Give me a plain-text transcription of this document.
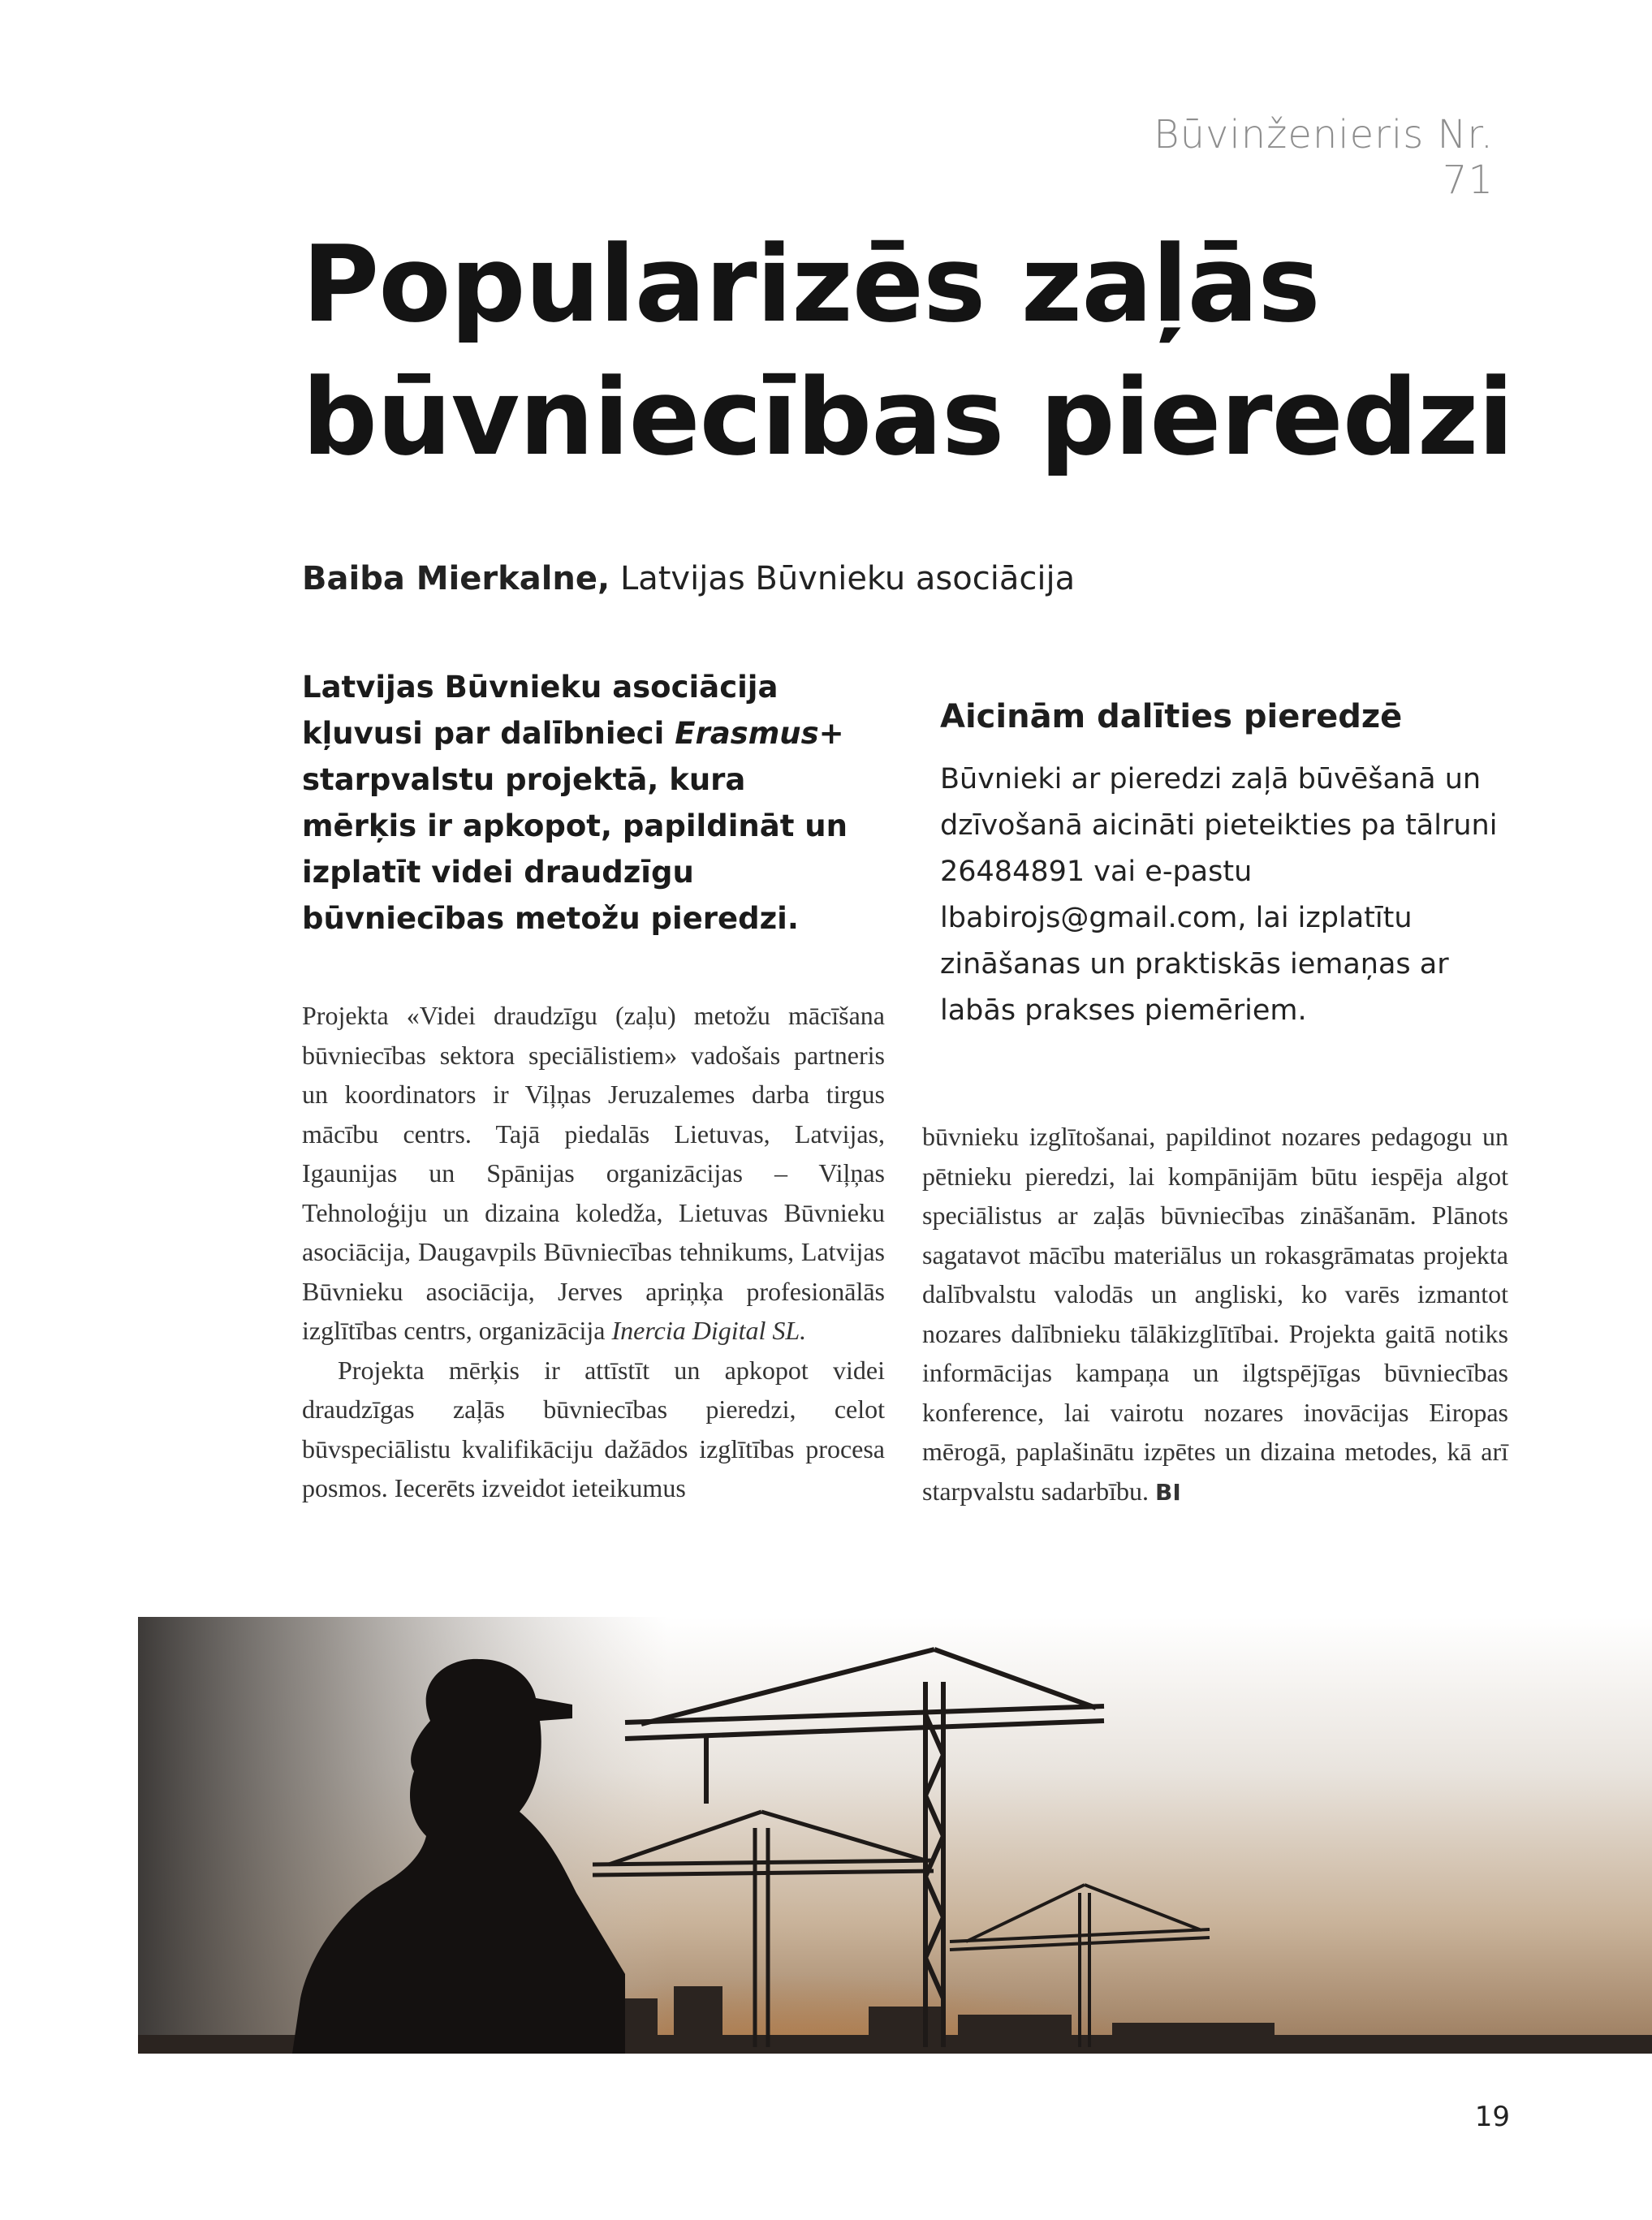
Būvinženieris Nr. 71
Popularizēs zaļās
būvniecības pieredzi
Baiba Mierkalne, Latvijas Būvnieku asociācija
Latvijas Būvnieku asociācija kļuvusi par dalībnieci Erasmus+ starpvalstu projektā, kura mērķis ir apkopot, papildināt un izplatīt videi draudzīgu būvniecības metožu pieredzi.

Projekta «Videi draudzīgu (zaļu) metožu mācīšana būvniecības sektora speciālistiem» vadošais partneris un koordinators ir Viļņas Jeruzalemes darba tirgus mācību centrs. Tajā piedalās Lietuvas, Latvijas, Igaunijas un Spānijas organizācijas – Viļņas Tehnoloģiju un dizaina koledža, Lietuvas Būvnieku asociācija, Daugavpils Būvniecības tehnikums, Latvijas Būvnieku asociācija, Jerves apriņķa profesionālās izglītības centrs, organizācija Inercia Digital SL.

Projekta mērķis ir attīstīt un apkopot videi draudzīgas zaļās būvniecības pieredzi, celot būvspeciālistu kvalifikāciju dažādos izglītības procesa posmos. Iecerēts izveidot ieteikumus

Aicinām dalīties pieredzē
Būvnieki ar pieredzi zaļā būvēšanā un dzīvošanā aicināti pieteikties pa tālruni 26484891 vai e-pastu lbabirojs@gmail.com, lai izplatītu zināšanas un praktiskās iemaņas ar labās prakses piemēriem.

būvnieku izglītošanai, papildinot nozares pedagogu un pētnieku pieredzi, lai kompānijām būtu iespēja algot speciālistus ar zaļās būvniecības zināšanām. Plānots sagatavot mācību materiālus un rokasgrāmatas projekta dalībvalstu valodās un angliski, ko varēs izmantot nozares dalībnieku tālākizglītībai. Projekta gaitā notiks informācijas kampaņa un ilgtspējīgas būvniecības konference, lai vairotu nozares inovācijas Eiropas mērogā, paplašinātu izpētes un dizaina metodes, kā arī starpvalstu sadarbību. BI

19
